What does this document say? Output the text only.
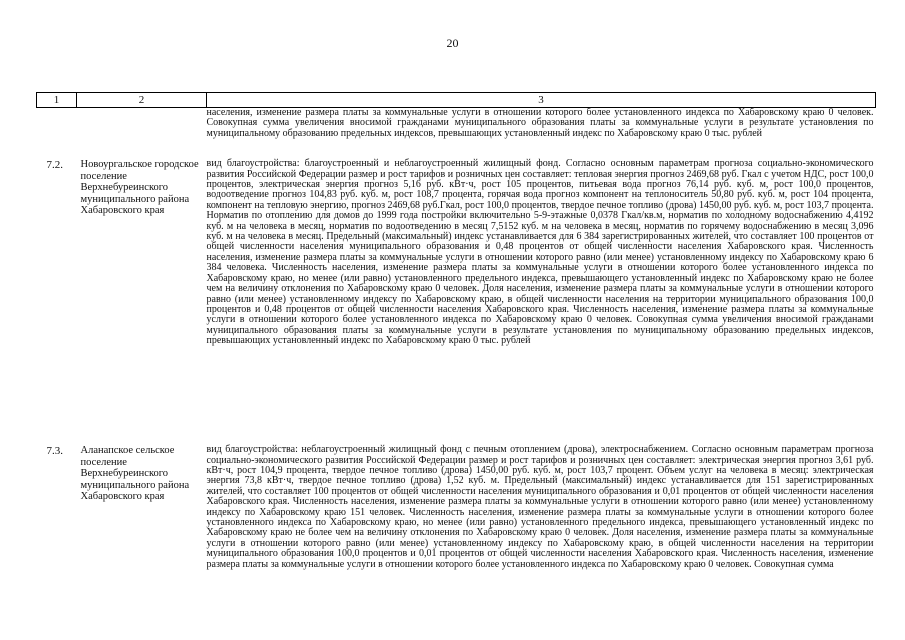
20
1	2	3
		населения, изменение размера платы за коммунальные услуги в отношении которого более установленного индекса по Хабаровскому краю 0 человек. Совокупная сумма увеличения вносимой гражданами муниципального образования платы за коммунальные услуги в результате установления по муниципальному образованию предельных индексов, превышающих установленный индекс по Хабаровскому краю 0 тыс. рублей

7.2.	Новоургальское городское поселение Верхнебуреинского муниципального района Хабаровского края	вид благоустройства: благоустроенный и неблагоустроенный жилищный фонд. Согласно основным параметрам прогноза социально-экономического развития Российской Федерации размер и рост тарифов и розничных цен составляет: тепловая энергия прогноз 2469,68 руб. Гкал с учетом НДС, рост 100,0 процентов, электрическая энергия прогноз 5,16 руб. кВт·ч, рост 105 процентов, питьевая вода прогноз 76,14 руб. куб. м, рост 100,0 процентов, водоотведение прогноз 104,83 руб. куб. м, рост 108,7 процента, горячая вода прогноз компонент на теплоноситель 50,80 руб. куб. м, рост 104 процента, компонент на тепловую энергию, прогноз 2469,68 руб.Гкал, рост 100,0 процентов, твердое печное топливо (дрова) 1450,00 руб. куб. м, рост 103,7 процента. Норматив по отоплению для домов до 1999 года постройки включительно 5-9-этажные 0,0378 Гкал/кв.м, норматив по холодному водоснабжению 4,4192 куб. м на человека в месяц, норматив по водоотведению в месяц 7,5152 куб. м на человека в месяц, норматив по горячему водоснабжению в месяц 3,096 куб. м на человека в месяц. Предельный (максимальный) индекс устанавливается для 6 384 зарегистрированных жителей, что составляет 100 процентов от общей численности населения муниципального образования и 0,48 процентов от общей численности населения Хабаровского края. Численность населения, изменение размера платы за коммунальные услуги в отношении которого равно (или менее) установленному индексу по Хабаровскому краю 6 384 человека. Численность населения, изменение размера платы за коммунальные услуги в отношении которого более установленного индекса по Хабаровскому краю, но менее (или равно) установленного предельного индекса, превышающего установленный индекс по Хабаровскому краю не более чем на величину отклонения по Хабаровскому краю 0 человек. Доля населения, изменение размера платы за коммунальные услуги в отношении которого равно (или менее) установленному индексу по Хабаровскому краю, в общей численности населения на территории муниципального образования 100,0 процентов и 0,48 процентов от общей численности населения Хабаровского края. Численность населения, изменение размера платы за коммунальные услуги в отношении которого более установленного индекса по Хабаровскому краю 0 человек. Совокупная сумма увеличения вносимой гражданами муниципального образования платы за коммунальные услуги в результате установления по муниципальному образованию предельных индексов, превышающих установленный индекс по Хабаровскому краю 0 тыс. рублей

7.3.	Аланапское сельское поселение Верхнебуреинского муниципального района Хабаровского края	вид благоустройства: неблагоустроенный жилищный фонд с печным отоплением (дрова), электроснабжением. Согласно основным параметрам прогноза социально-экономического развития Российской Федерации размер и рост тарифов и розничных цен составляет: электрическая энергия прогноз 3,61 руб. кВт·ч, рост 104,9 процента, твердое печное топливо (дрова) 1450,00 руб. куб. м, рост 103,7 процент. Объем услуг на человека в месяц: электрическая энергия 73,8 кВт·ч, твердое печное топливо (дрова) 1,52 куб. м. Предельный (максимальный) индекс устанавливается для 151 зарегистрированных жителей, что составляет 100 процентов от общей численности населения муниципального образования и 0,01 процентов от общей численности населения Хабаровского края. Численность населения, изменение размера платы за коммунальные услуги в отношении которого равно (или менее) установленному индексу по Хабаровскому краю 151 человек. Численность населения, изменение размера платы за коммунальные услуги в отношении которого более установленного индекса по Хабаровскому краю, но менее (или равно) установленного предельного индекса, превышающего установленный индекс по Хабаровскому краю не более чем на величину отклонения по Хабаровскому краю 0 человек. Доля населения, изменение размера платы за коммунальные услуги в отношении которого равно (или менее) установленному индексу по Хабаровскому краю, в общей численности населения на территории муниципального образования 100,0 процентов и 0,01 процентов от общей численности населения Хабаровского края. Численность населения, изменение размера платы за коммунальные услуги в отношении которого более установленного индекса по Хабаровскому краю 0 человек. Совокупная сумма
